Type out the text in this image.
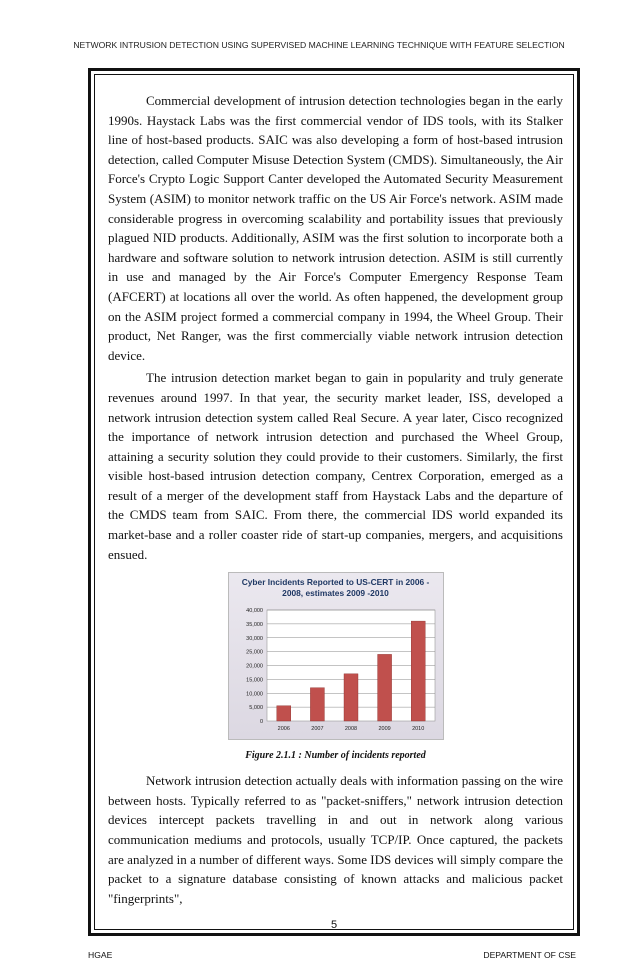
NETWORK INTRUSION DETECTION USING SUPERVISED MACHINE LEARNING TECHNIQUE WITH FEATURE SELECTION

Commercial development of intrusion detection technologies began in the early 1990s. Haystack Labs was the first commercial vendor of IDS tools, with its Stalker line of host-based products. SAIC was also developing a form of host-based intrusion detection, called Computer Misuse Detection System (CMDS). Simultaneously, the Air Force's Crypto Logic Support Canter developed the Automated Security Measurement System (ASIM) to monitor network traffic on the US Air Force's network. ASIM made considerable progress in overcoming scalability and portability issues that previously plagued NID products. Additionally, ASIM was the first solution to incorporate both a hardware and software solution to network intrusion detection. ASIM is still currently in use and managed by the Air Force's Computer Emergency Response Team (AFCERT) at locations all over the world. As often happened, the development group on the ASIM project formed a commercial company in 1994, the Wheel Group. Their product, Net Ranger, was the first commercially viable network intrusion detection device.

The intrusion detection market began to gain in popularity and truly generate revenues around 1997. In that year, the security market leader, ISS, developed a network intrusion detection system called Real Secure. A year later, Cisco recognized the importance of network intrusion detection and purchased the Wheel Group, attaining a security solution they could provide to their customers. Similarly, the first visible host-based intrusion detection company, Centrex Corporation, emerged as a result of a merger of the development staff from Haystack Labs and the departure of the CMDS team from SAIC. From there, the commercial IDS world expanded its market-base and a roller coaster ride of start-up companies, mergers, and acquisitions ensued.

Cyber Incidents Reported to US-CERT in 2006 -
2008, estimates 2009 -2010
0
5,000
10,000
15,000
20,000
25,000
30,000
35,000
40,000
2006	2007	2008	2009	2010
Figure 2.1.1 : Number of incidents reported

Network intrusion detection actually deals with information passing on the wire between hosts. Typically referred to as "packet-sniffers," network intrusion detection devices intercept packets travelling in and out in network along various communication mediums and protocols, usually TCP/IP. Once captured, the packets are analyzed in a number of different ways. Some IDS devices will simply compare the packet to a signature database consisting of known attacks and malicious packet "fingerprints",

5
HGAE	DEPARTMENT OF CSE
